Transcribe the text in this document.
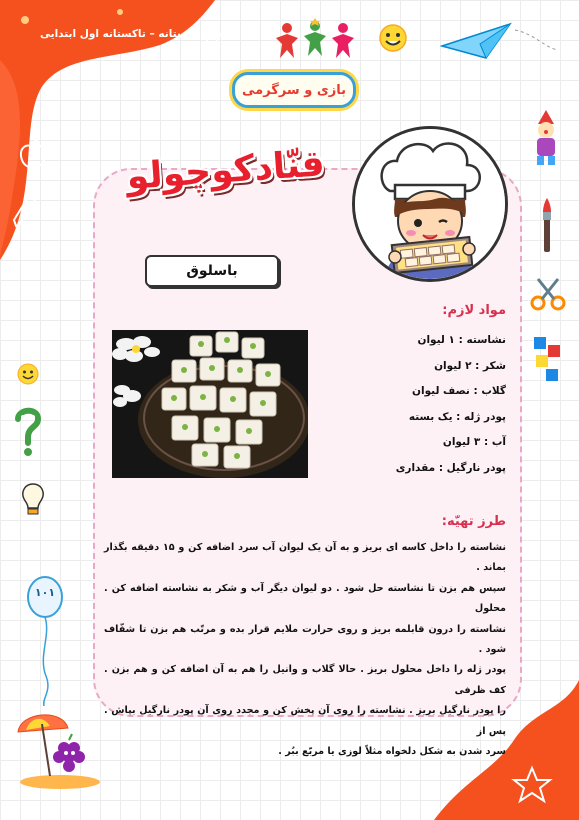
تابستانه – تاکستانه اول ابتدایی
بازی و سرگرمی
۱۰۱
قنّادکوچولو
باسلوق
مواد لازم:
نشاسته : ۱ لیوان
شکر : ۲ لیوان
گلاب : نصف لیوان
پودر ژله : یک بسته
آب : ۳ لیوان
پودر نارگیل : مقداری
طرز تهیّه:
نشاسته را داخل کاسه ای بریز و به آن یک لیوان آب سرد اضافه کن و ۱۵ دقیقه بگذار بماند .
سپس هم بزن تا نشاسته حل شود . دو لیوان دیگر آب و شکر به نشاسته اضافه کن . محلول
نشاسته را درون قابلمه بریز و روی حرارت ملایم قرار بده و مرتّب هم بزن تا شفّاف شود .
پودر ژله را داخل محلول بریز . حالا گلاب و وانیل را هم به آن اضافه کن و هم بزن . کف ظرفی
را پودر نارگیل بریز . نشاسته را روی آن پخش کن و مجدد روی آن پودر نارگیل بپاش . پس از
سرد شدن به شکل دلخواه مثلاً لوزی یا مربّع ببُر .
